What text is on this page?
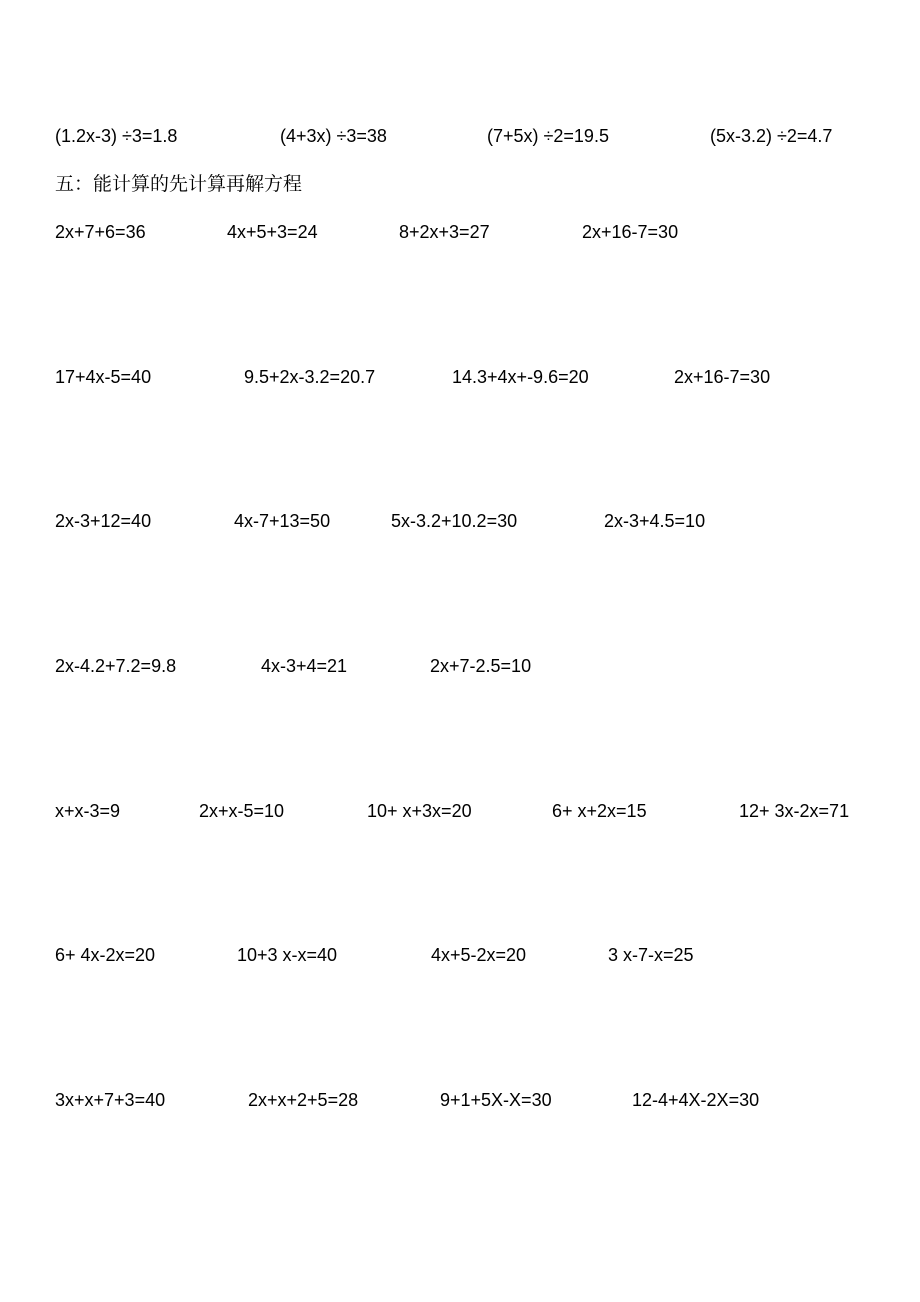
(1.2x-3) ÷3=1.8	(4+3x) ÷3=38	(7+5x) ÷2=19.5	(5x-3.2) ÷2=4.7
五：能计算的先计算再解方程
2x+7+6=36	4x+5+3=24	8+2x+3=27	2x+16-7=30
17+4x-5=40	9.5+2x-3.2=20.7	14.3+4x+-9.6=20	2x+16-7=30
2x-3+12=40	4x-7+13=50	5x-3.2+10.2=30	2x-3+4.5=10
2x-4.2+7.2=9.8	4x-3+4=21	2x+7-2.5=10
x+x-3=9	2x+x-5=10	10+ x+3x=20	6+ x+2x=15	12+ 3x-2x=71
6+ 4x-2x=20	10+3 x-x=40	4x+5-2x=20	3 x-7-x=25
3x+x+7+3=40	2x+x+2+5=28	9+1+5X-X=30	12-4+4X-2X=30
